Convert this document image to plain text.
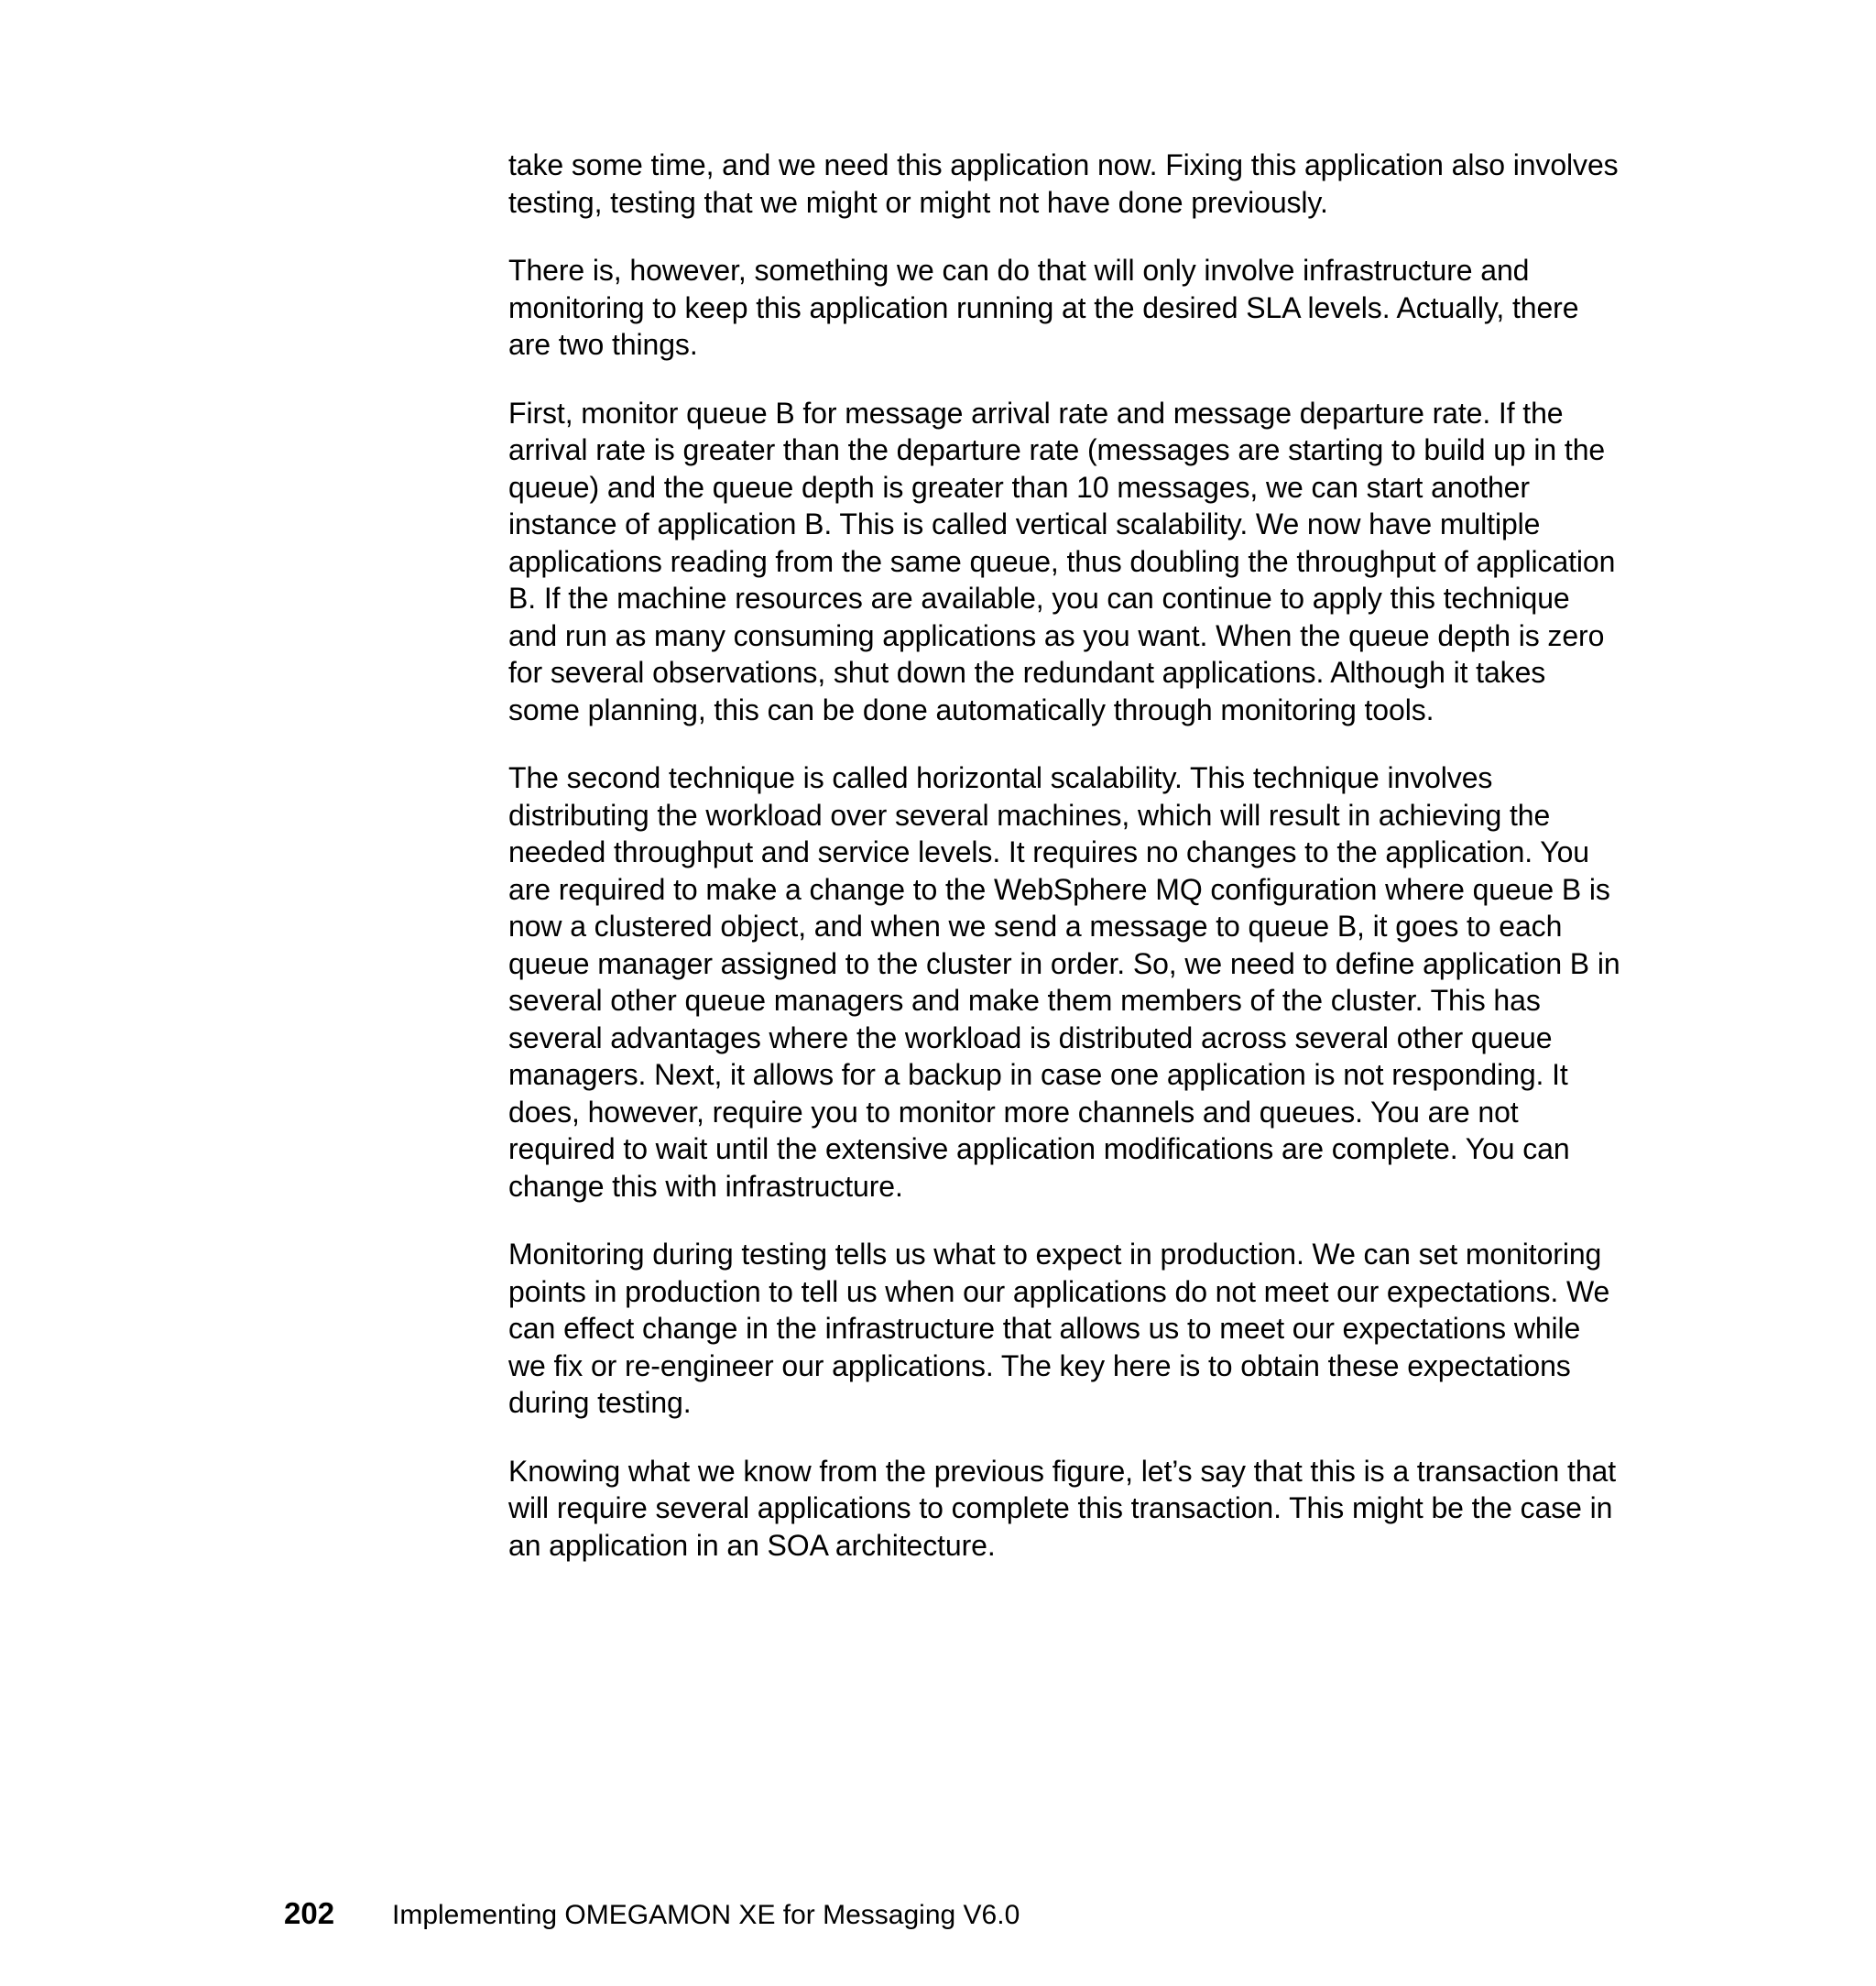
take some time, and we need this application now. Fixing this application also involves testing, testing that we might or might not have done previously.

There is, however, something we can do that will only involve infrastructure and monitoring to keep this application running at the desired SLA levels. Actually, there are two things.

First, monitor queue B for message arrival rate and message departure rate. If the arrival rate is greater than the departure rate (messages are starting to build up in the queue) and the queue depth is greater than 10 messages, we can start another instance of application B. This is called vertical scalability. We now have multiple applications reading from the same queue, thus doubling the throughput of application B. If the machine resources are available, you can continue to apply this technique and run as many consuming applications as you want. When the queue depth is zero for several observations, shut down the redundant applications. Although it takes some planning, this can be done automatically through monitoring tools.

The second technique is called horizontal scalability. This technique involves distributing the workload over several machines, which will result in achieving the needed throughput and service levels. It requires no changes to the application. You are required to make a change to the WebSphere MQ configuration where queue B is now a clustered object, and when we send a message to queue B, it goes to each queue manager assigned to the cluster in order. So, we need to define application B in several other queue managers and make them members of the cluster. This has several advantages where the workload is distributed across several other queue managers. Next, it allows for a backup in case one application is not responding. It does, however, require you to monitor more channels and queues. You are not required to wait until the extensive application modifications are complete. You can change this with infrastructure.

Monitoring during testing tells us what to expect in production. We can set monitoring points in production to tell us when our applications do not meet our expectations. We can effect change in the infrastructure that allows us to meet our expectations while we fix or re-engineer our applications. The key here is to obtain these expectations during testing.

Knowing what we know from the previous figure, let’s say that this is a transaction that will require several applications to complete this transaction. This might be the case in an application in an SOA architecture.

202	Implementing OMEGAMON XE for Messaging V6.0
